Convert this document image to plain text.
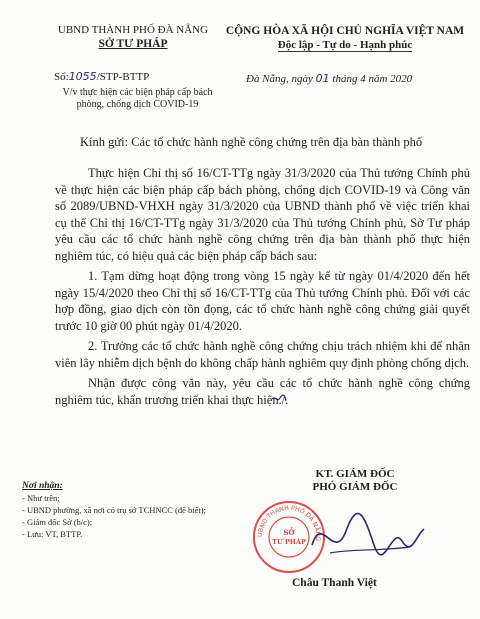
UBND THÀNH PHỐ ĐÀ NẴNG
SỞ TƯ PHÁP
Số:1055/STP-BTTP
V/v thực hiện các biện pháp cấp bách phòng, chống dịch COVID-19
CỘNG HÒA XÃ HỘI CHỦ NGHĨA VIỆT NAM
Độc lập - Tự do - Hạnh phúc
Đà Nẵng, ngày 01 tháng 4 năm 2020
Kính gửi: Các tổ chức hành nghề công chứng trên địa bàn thành phố

Thực hiện Chỉ thị số 16/CT-TTg ngày 31/3/2020 của Thủ tướng Chính phủ về thực hiện các biện pháp cấp bách phòng, chống dịch COVID-19 và Công văn số 2089/UBND-VHXH ngày 31/3/2020 của UBND thành phố về việc triển khai cụ thể Chỉ thị 16/CT-TTg ngày 31/3/2020 của Thủ tướng Chính phủ, Sở Tư pháp yêu cầu các tổ chức hành nghề công chứng trên địa bàn thành phố thực hiện nghiêm túc, có hiệu quả các biện pháp cấp bách sau:

1. Tạm dừng hoạt động trong vòng 15 ngày kể từ ngày 01/4/2020 đến hết ngày 15/4/2020 theo Chỉ thị số 16/CT-TTg của Thủ tướng Chính phủ. Đối với các hợp đồng, giao dịch còn tồn đọng, các tổ chức hành nghề công chứng giải quyết trước 10 giờ 00 phút ngày 01/4/2020.

2. Trưởng các tổ chức hành nghề công chứng chịu trách nhiệm khi để nhân viên lây nhiễm dịch bệnh do không chấp hành nghiêm quy định phòng chống dịch.

Nhận được công văn này, yêu cầu các tổ chức hành nghề công chứng nghiêm túc, khẩn trương triển khai thực hiện./.

Nơi nhận:
- Như trên;
- UBND phường, xã nơi có trụ sở TCHNCC (để biết);
- Giám đốc Sở (b/c);
- Lưu: VT, BTTP.
KT. GIÁM ĐỐC
PHÓ GIÁM ĐỐC
UBND THÀNH PHỐ ĐÀ NẴNG
SỞ
TƯ PHÁP
Châu Thanh Việt
